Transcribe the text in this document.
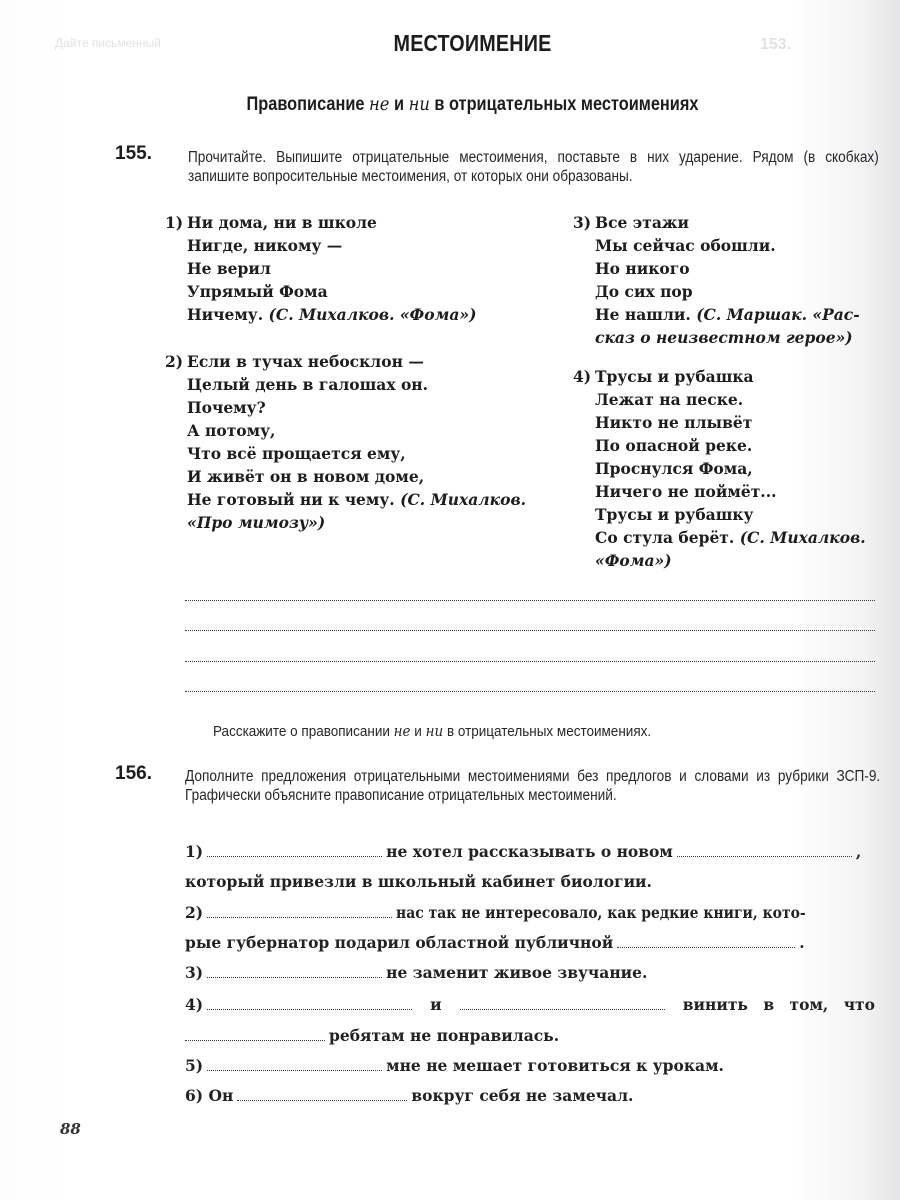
Дайте письменный	153.
МЕСТОИМЕНИЕ
Правописание не и ни в отрицательных местоимениях
155. Прочитайте. Выпишите отрицательные местоимения, поставьте в них ударение. Рядом (в скобках) запишите вопросительные местоимения, от которых они образованы.
1) Ни дома, ни в школе
Нигде, никому —
Не верил
Упрямый Фома
Ничему. (С. Михалков. «Фома»)
2) Если в тучах небосклон —
Целый день в галошах он.
Почему?
А потому,
Что всё прощается ему,
И живёт он в новом доме,
Не готовый ни к чему. (С. Михалков.
«Про мимозу»)
3) Все этажи
Мы сейчас обошли.
Но никого
До сих пор
Не нашли. (С. Маршак. «Рас-
сказ о неизвестном герое»)
4) Трусы и рубашка
Лежат на песке.
Никто не плывёт
По опасной реке.
Проснулся Фома,
Ничего не поймёт...
Трусы и рубашку
Со стула берёт. (С. Михалков.
«Фома»)
Расскажите о правописании не и ни в отрицательных местоимениях.
156. Дополните предложения отрицательными местоимениями без предлогов и словами из рубрики ЗСП-9. Графически объясните правописание отрицательных местоимений.
1)	не хотел рассказывать о новом	,
который привезли в школьный кабинет биологии.
2)	нас так не интересовало, как редкие книги, кото-
рые губернатор подарил областной публичной	.
3)	не заменит живое звучание.
4)	и	винить в том, что
ребятам не понравилась.
5)	мне не мешает готовиться к урокам.
6) Он	вокруг себя не замечал.
88
